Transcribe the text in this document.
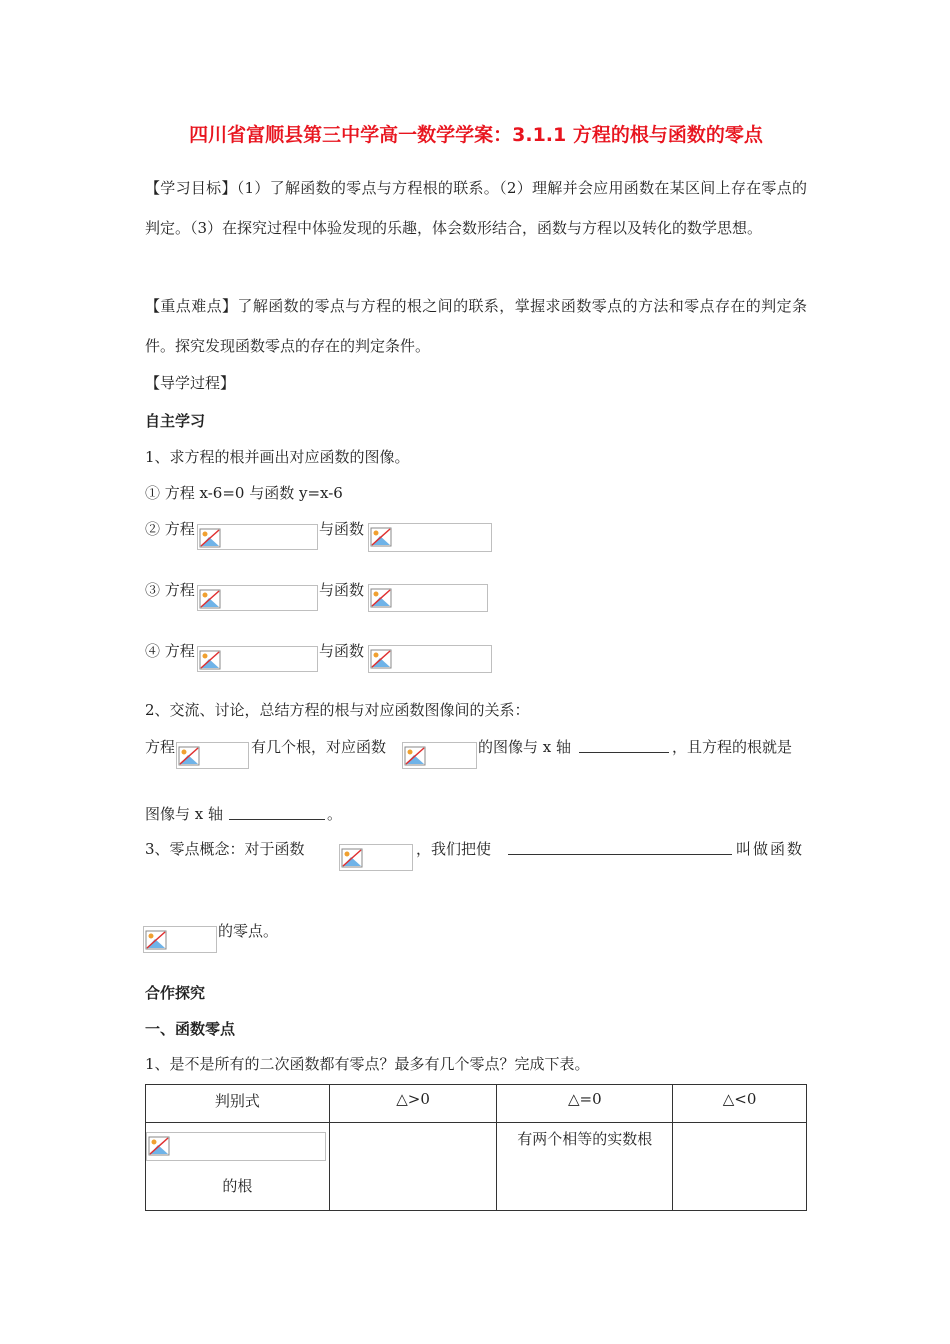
四川省富顺县第三中学高一数学学案：3.1.1 方程的根与函数的零点
【学习目标】（1）了解函数的零点与方程根的联系。（2）理解并会应用函数在某区间上存在零点的判定。（3）在探究过程中体验发现的乐趣，体会数形结合，函数与方程以及转化的数学思想。
【重点难点】了解函数的零点与方程的根之间的联系，掌握求函数零点的方法和零点存在的判定条件。探究发现函数零点的存在的判定条件。
【导学过程】
自主学习
1、求方程的根并画出对应函数的图像。
① 方程 x-6=0 与函数 y=x-6
② 方程	与函数
③ 方程	与函数
④ 方程	与函数
2、交流、讨论，总结方程的根与对应函数图像间的关系：
方程	有几个根，对应函数	的图像与 x 轴	，且方程的根就是
图像与 x 轴	。
3、零点概念：对于函数	，我们把使	叫做函数
的零点。
合作探究
一、函数零点
1、是不是所有的二次函数都有零点？最多有几个零点？完成下表。
判别式	△>0	△=0	△<0

的根		有两个相等的实数根	
